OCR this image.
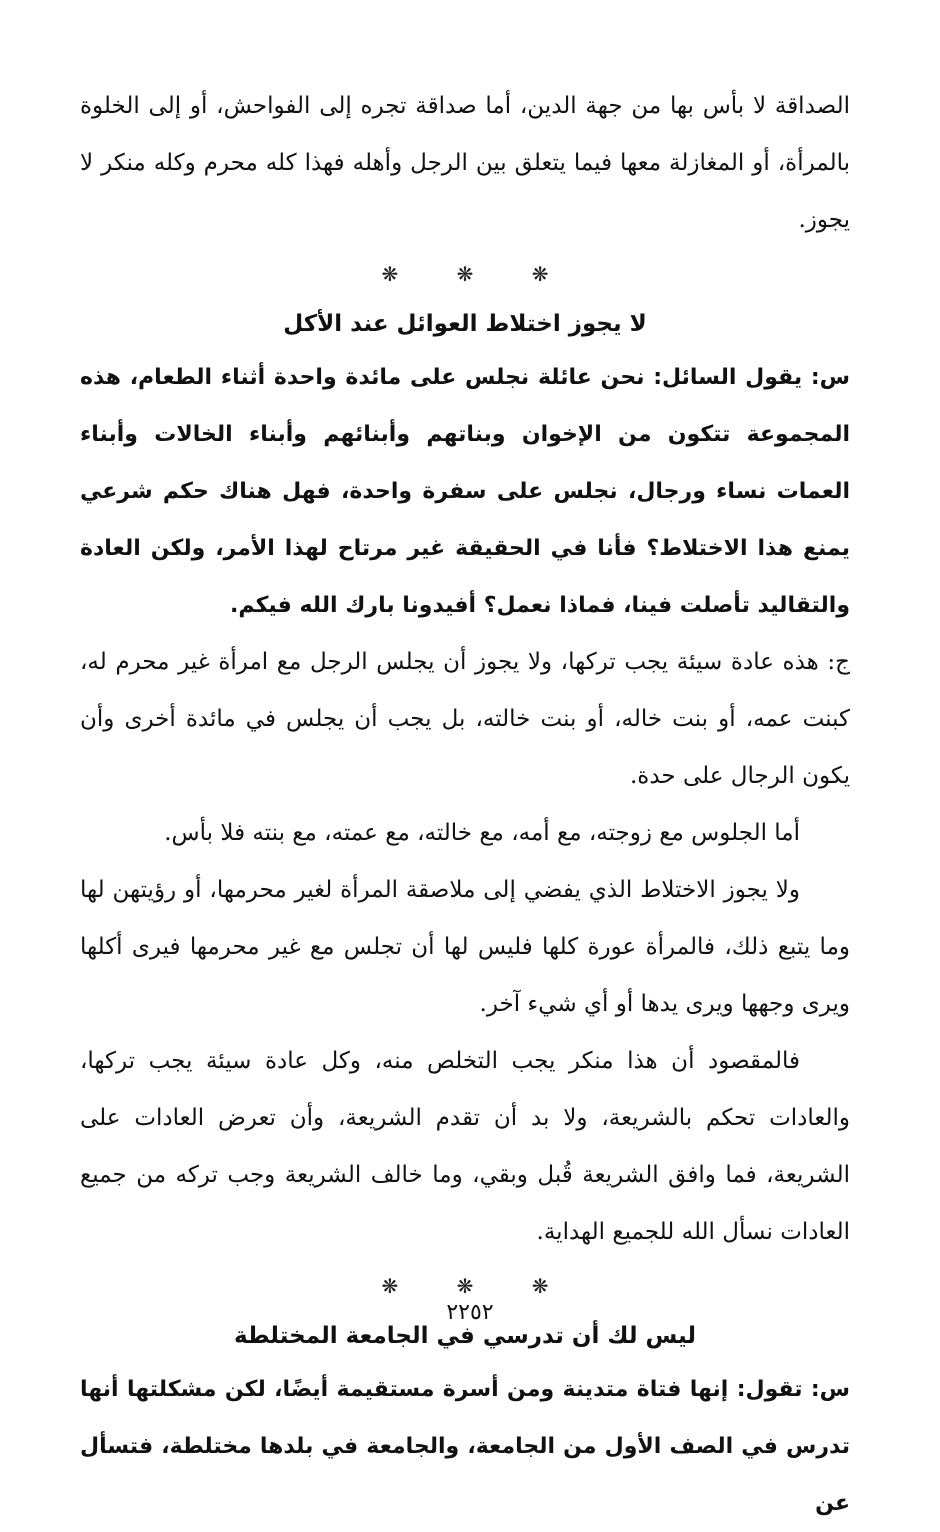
الصداقة لا بأس بها من جهة الدين، أما صداقة تجره إلى الفواحش، أو إلى الخلوة بالمرأة، أو المغازلة معها فيما يتعلق بين الرجل وأهله فهذا كله محرم وكله منكر لا يجوز.

❋ ❋ ❋
لا يجوز اختلاط العوائل عند الأكل

س: يقول السائل: نحن عائلة نجلس على مائدة واحدة أثناء الطعام، هذه المجموعة تتكون من الإخوان وبناتهم وأبنائهم وأبناء الخالات وأبناء العمات نساء ورجال، نجلس على سفرة واحدة، فهل هناك حكم شرعي يمنع هذا الاختلاط؟ فأنا في الحقيقة غير مرتاح لهذا الأمر، ولكن العادة والتقاليد تأصلت فينا، فماذا نعمل؟ أفيدونا بارك الله فيكم.

ج: هذه عادة سيئة يجب تركها، ولا يجوز أن يجلس الرجل مع امرأة غير محرم له، كبنت عمه، أو بنت خاله، أو بنت خالته، بل يجب أن يجلس في مائدة أخرى وأن يكون الرجال على حدة.

أما الجلوس مع زوجته، مع أمه، مع خالته، مع عمته، مع بنته فلا بأس.

ولا يجوز الاختلاط الذي يفضي إلى ملاصقة المرأة لغير محرمها، أو رؤيتهن لها وما يتبع ذلك، فالمرأة عورة كلها فليس لها أن تجلس مع غير محرمها فيرى أكلها ويرى وجهها ويرى يدها أو أي شيء آخر.

فالمقصود أن هذا منكر يجب التخلص منه، وكل عادة سيئة يجب تركها، والعادات تحكم بالشريعة، ولا بد أن تقدم الشريعة، وأن تعرض العادات على الشريعة، فما وافق الشريعة قُبل وبقي، وما خالف الشريعة وجب تركه من جميع العادات نسأل الله للجميع الهداية.

❋ ❋ ❋
ليس لك أن تدرسي في الجامعة المختلطة

س: تقول: إنها فتاة متدينة ومن أسرة مستقيمة أيضًا، لكن مشكلتها أنها تدرس في الصف الأول من الجامعة، والجامعة في بلدها مختلطة، فتسأل عن

٢٢٥٢
